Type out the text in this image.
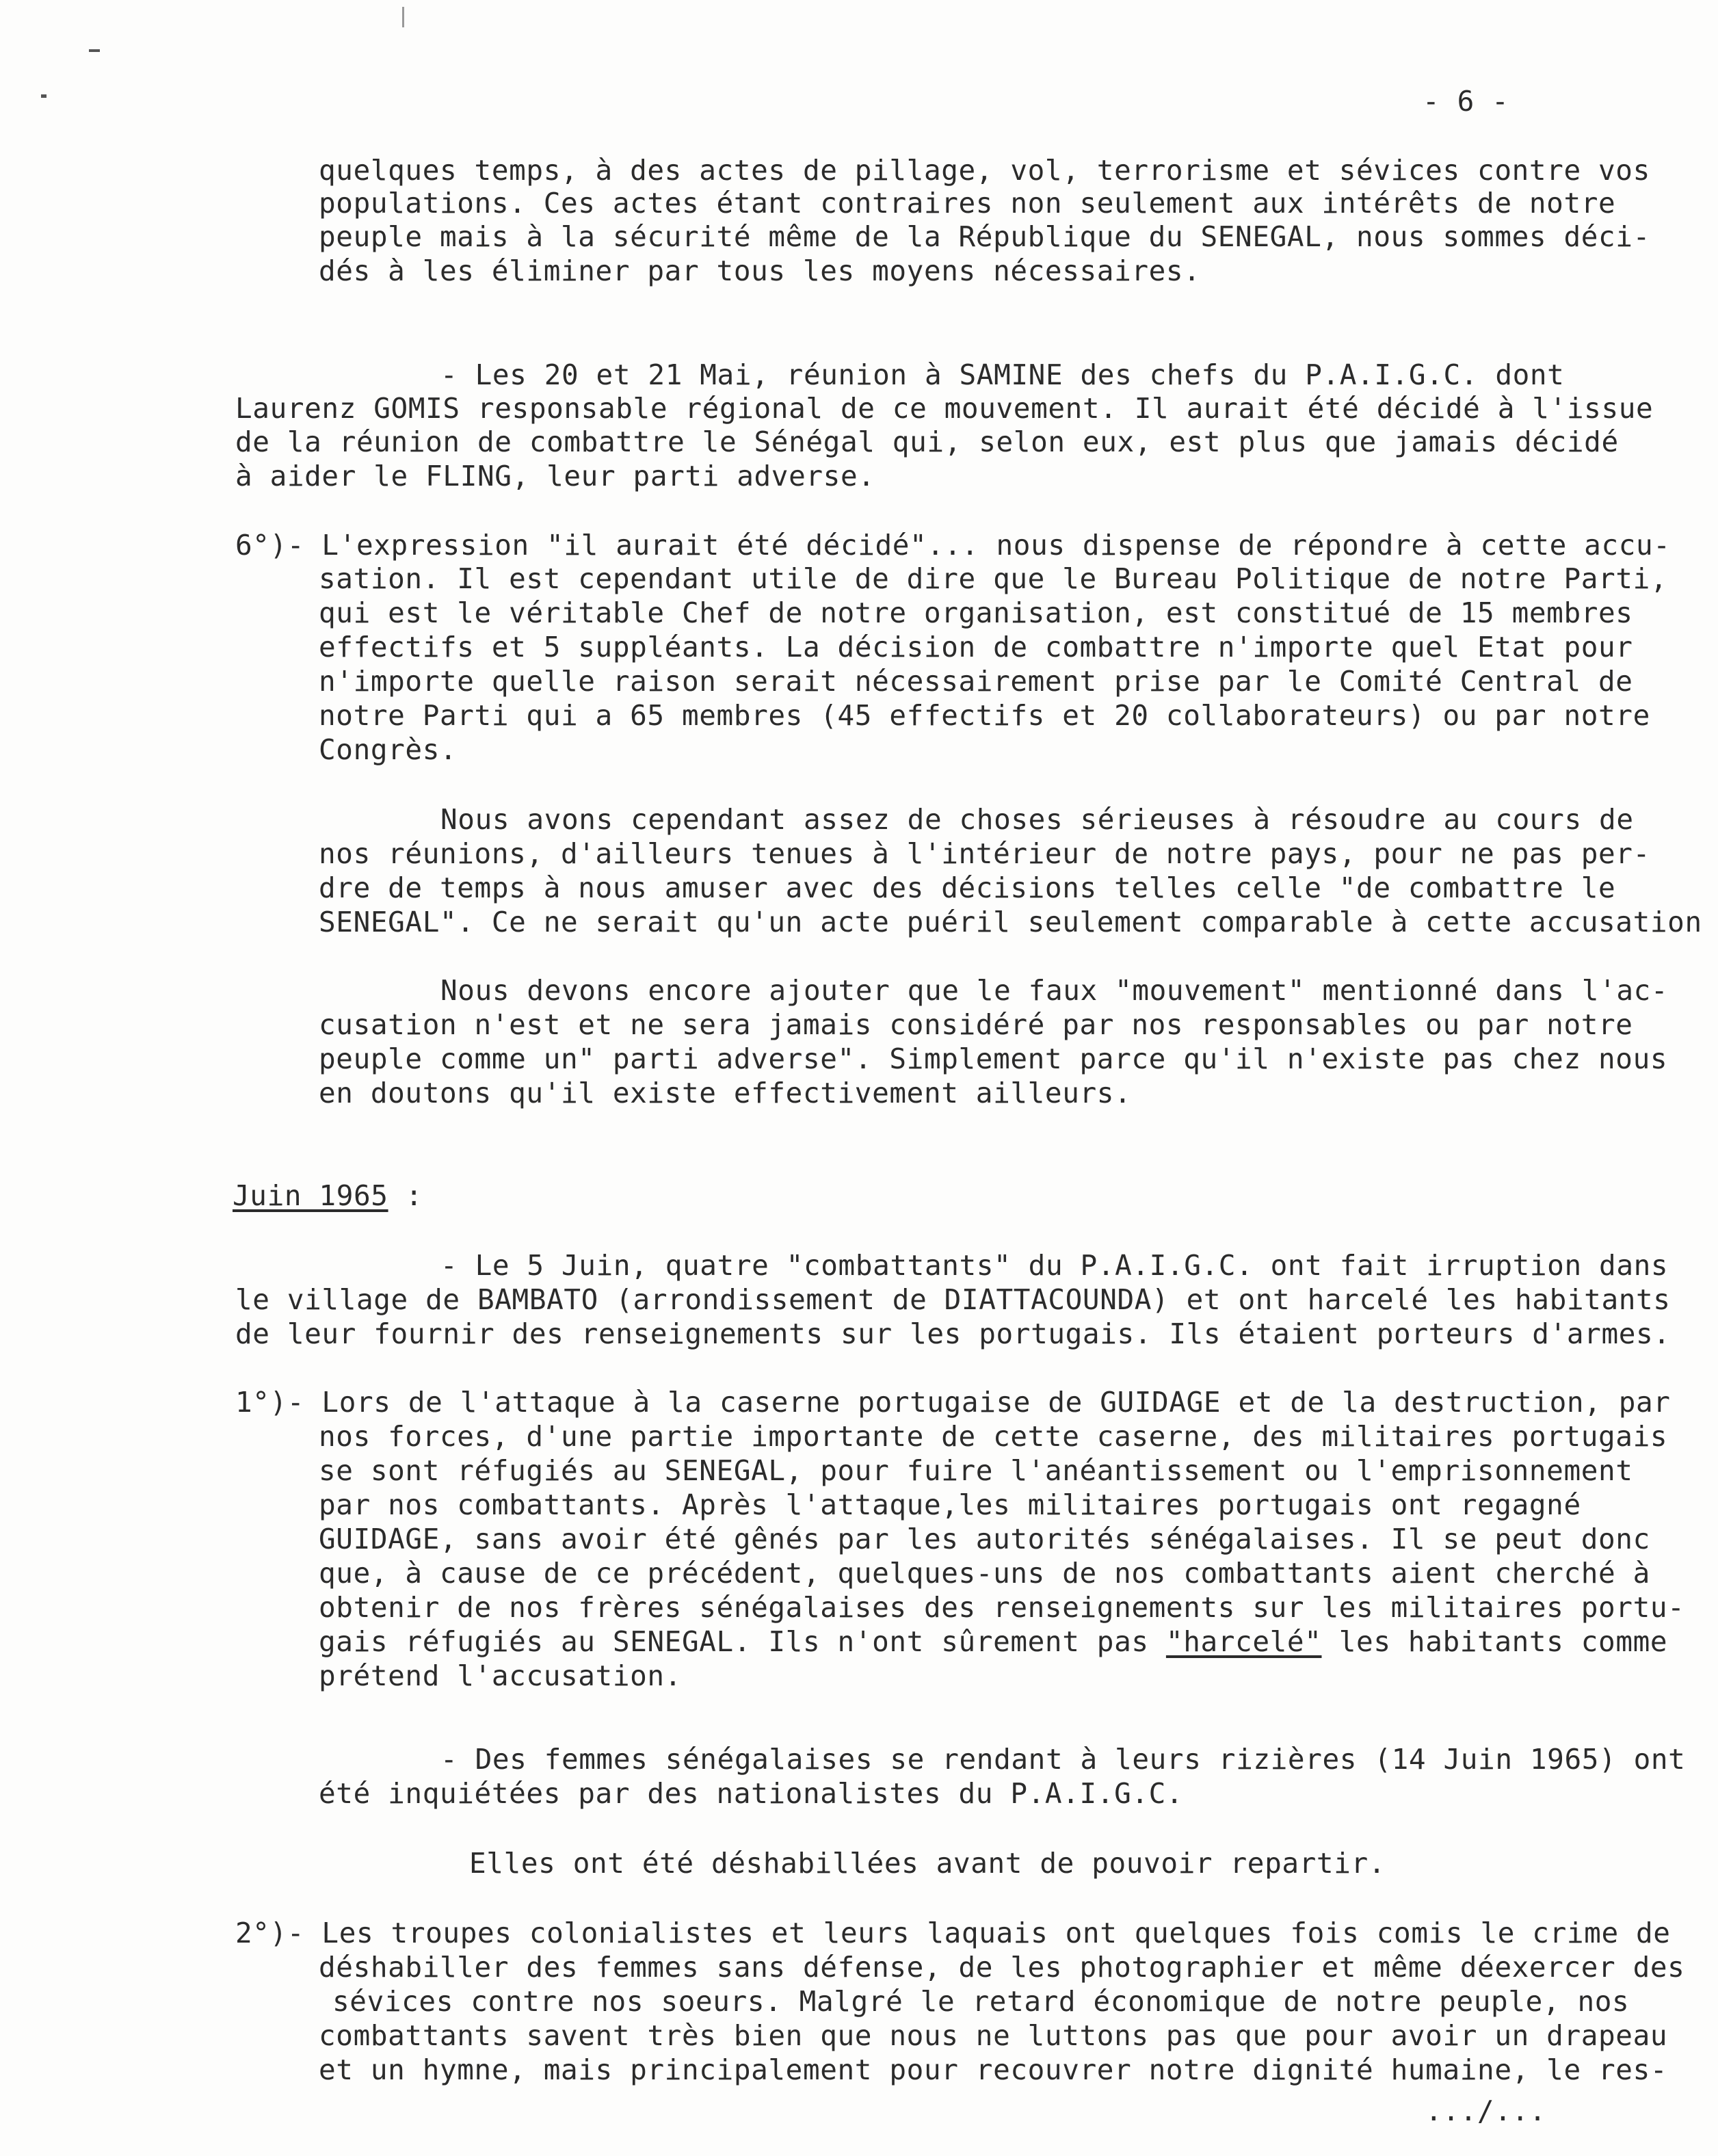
- 6 -
quelques temps, à des actes de pillage, vol, terrorisme et sévices contre vos
populations. Ces actes étant contraires non seulement aux intérêts de notre
peuple mais à la sécurité même de la République du SENEGAL, nous sommes déci-
dés à les éliminer par tous les moyens nécessaires.
- Les 20 et 21 Mai, réunion à SAMINE des chefs du P.A.I.G.C. dont
Laurenz GOMIS responsable régional de ce mouvement. Il aurait été décidé à l'issue
de la réunion de combattre le Sénégal qui, selon eux, est plus que jamais décidé
à aider le FLING, leur parti adverse.
6°)- L'expression "il aurait été décidé"... nous dispense de répondre à cette accu-
sation. Il est cependant utile de dire que le Bureau Politique de notre Parti,
qui est le véritable Chef de notre organisation, est constitué de 15 membres
effectifs et 5 suppléants. La décision de combattre n'importe quel Etat pour
n'importe quelle raison serait nécessairement prise par le Comité Central de
notre Parti qui a 65 membres (45 effectifs et 20 collaborateurs) ou par notre
Congrès.
Nous avons cependant assez de choses sérieuses à résoudre au cours de
nos réunions, d'ailleurs tenues à l'intérieur de notre pays, pour ne pas per-
dre de temps à nous amuser avec des décisions telles celle "de combattre le
SENEGAL". Ce ne serait qu'un acte puéril seulement comparable à cette accusation
Nous devons encore ajouter que le faux "mouvement" mentionné dans l'ac-
cusation n'est et ne sera jamais considéré par nos responsables ou par notre
peuple comme un" parti adverse". Simplement parce qu'il n'existe pas chez nous
en doutons qu'il existe effectivement ailleurs.
Juin 1965 :
- Le 5 Juin, quatre "combattants" du P.A.I.G.C. ont fait irruption dans
le village de BAMBATO (arrondissement de DIATTACOUNDA) et ont harcelé les habitants
de leur fournir des renseignements sur les portugais. Ils étaient porteurs d'armes.
1°)- Lors de l'attaque à la caserne portugaise de GUIDAGE et de la destruction, par
nos forces, d'une partie importante de cette caserne, des militaires portugais
se sont réfugiés au SENEGAL, pour fuire l'anéantissement ou l'emprisonnement
par nos combattants. Après l'attaque,les militaires portugais ont regagné
GUIDAGE, sans avoir été gênés par les autorités sénégalaises. Il se peut donc
que, à cause de ce précédent, quelques-uns de nos combattants aient cherché à
obtenir de nos frères sénégalaises des renseignements sur les militaires portu-
gais réfugiés au SENEGAL. Ils n'ont sûrement pas "harcelé" les habitants comme
prétend l'accusation.
- Des femmes sénégalaises se rendant à leurs rizières (14 Juin 1965) ont
été inquiétées par des nationalistes du P.A.I.G.C.
Elles ont été déshabillées avant de pouvoir repartir.
2°)- Les troupes colonialistes et leurs laquais ont quelques fois comis le crime de
déshabiller des femmes sans défense, de les photographier et même déexercer des
sévices contre nos soeurs. Malgré le retard économique de notre peuple, nos
combattants savent très bien que nous ne luttons pas que pour avoir un drapeau
et un hymne, mais principalement pour recouvrer notre dignité humaine, le res-
.../...
